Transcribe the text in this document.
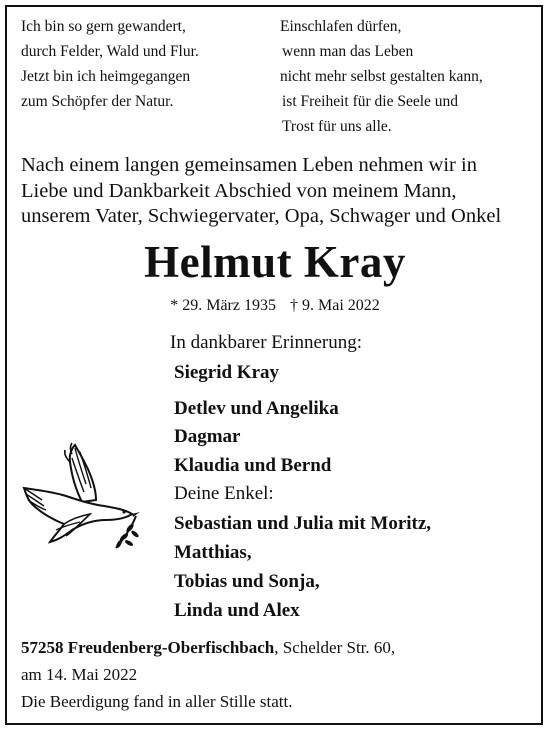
Ich bin so gern gewandert,
durch Felder, Wald und Flur.
Jetzt bin ich heimgegangen
zum Schöpfer der Natur.
Einschlafen dürfen,
wenn man das Leben
nicht mehr selbst gestalten kann,
ist Freiheit für die Seele und
Trost für uns alle.
Nach einem langen gemeinsamen Leben nehmen wir in
Liebe und Dankbarkeit Abschied von meinem Mann,
unserem Vater, Schwiegervater, Opa, Schwager und Onkel
Helmut Kray
* 29. März 1935 † 9. Mai 2022
In dankbarer Erinnerung:
Siegrid Kray
Detlev und Angelika
Dagmar
Klaudia und Bernd
Deine Enkel:
Sebastian und Julia mit Moritz,
Matthias,
Tobias und Sonja,
Linda und Alex
57258 Freudenberg-Oberfischbach, Schelder Str. 60,
am 14. Mai 2022
Die Beerdigung fand in aller Stille statt.
